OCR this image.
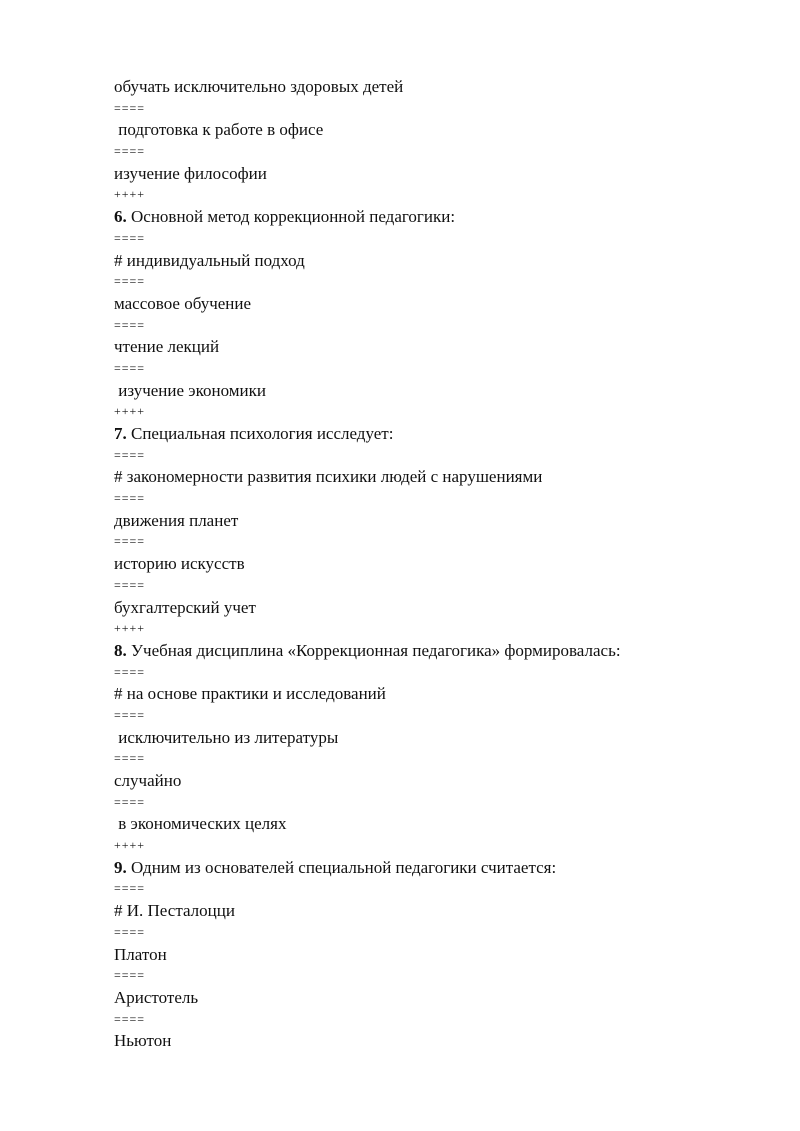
обучать исключительно здоровых детей
====
подготовка к работе в офисе
====
изучение философии
++++
6. Основной метод коррекционной педагогики:
====
# индивидуальный подход
====
массовое обучение
====
чтение лекций
====
изучение экономики
++++
7. Специальная психология исследует:
====
# закономерности развития психики людей с нарушениями
====
движения планет
====
историю искусств
====
бухгалтерский учет
++++
8. Учебная дисциплина «Коррекционная педагогика» формировалась:
====
# на основе практики и исследований
====
исключительно из литературы
====
случайно
====
в экономических целях
++++
9. Одним из основателей специальной педагогики считается:
====
# И. Песталоцци
====
Платон
====
Аристотель
====
Ньютон
